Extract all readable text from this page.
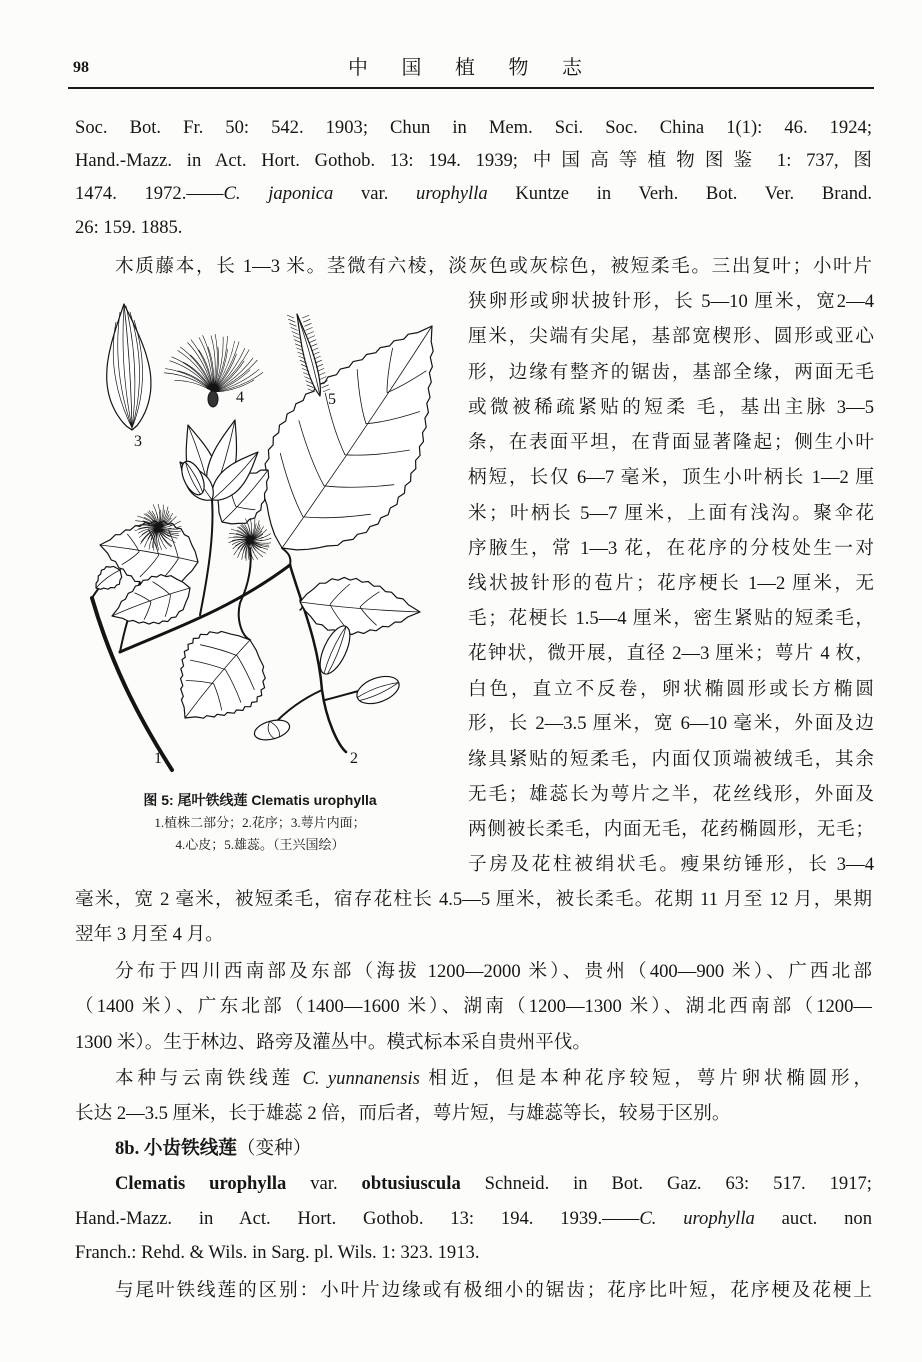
98	中 国 植 物 志
Soc. Bot. Fr. 50: 542. 1903; Chun in Mem. Sci. Soc. China 1(1): 46. 1924;
Hand.-Mazz. in Act. Hort. Gothob. 13: 194. 1939; 中国高等植物图鉴 1: 737, 图
1474. 1972.——C. japonica var. urophylla Kuntze in Verh. Bot. Ver. Brand.
26: 159. 1885.
木质藤本，长 1—3 米。茎微有六棱，淡灰色或灰棕色，被短柔毛。三出复叶；小叶片
狭卵形或卵状披针形，长 5—10 厘米，宽2—4
厘米，尖端有尖尾，基部宽楔形、圆形或亚心
形，边缘有整齐的锯齿，基部全缘，两面无毛
或微被稀疏紧贴的短柔 毛，基出主脉 3—5
条，在表面平坦，在背面显著隆起；侧生小叶
柄短，长仅 6—7 毫米，顶生小叶柄长 1—2 厘
米；叶柄长 5—7 厘米，上面有浅沟。聚伞花
序腋生，常 1—3 花，在花序的分枝处生一对
线状披针形的苞片；花序梗长 1—2 厘米，无
毛；花梗长 1.5—4 厘米，密生紧贴的短柔毛，
花钟状，微开展，直径 2—3 厘米；萼片 4 枚，
白色，直立不反卷，卵状椭圆形或长方椭圆
形，长 2—3.5 厘米，宽 6—10 毫米，外面及边
缘具紧贴的短柔毛，内面仅顶端被绒毛，其余
无毛；雄蕊长为萼片之半，花丝线形，外面及
两侧被长柔毛，内面无毛，花药椭圆形，无毛；
子房及花柱被绢状毛。瘦果纺锤形，长 3—4
毫米，宽 2 毫米，被短柔毛，宿存花柱长 4.5—5 厘米，被长柔毛。花期 11 月至 12 月，果期
翌年 3 月至 4 月。
分布于四川西南部及东部（海拔 1200—2000 米）、贵州（400—900 米）、广西北部
（1400 米）、广东北部（1400—1600 米）、湖南（1200—1300 米）、湖北西南部（1200—
1300 米）。生于林边、路旁及灌丛中。模式标本采自贵州平伐。
本种与云南铁线莲 C. yunnanensis 相近，但是本种花序较短，萼片卵状椭圆形，
长达 2—3.5 厘米，长于雄蕊 2 倍，而后者，萼片短，与雄蕊等长，较易于区别。
8b. 小齿铁线莲（变种）
Clematis urophylla var. obtusiuscula Schneid. in Bot. Gaz. 63: 517. 1917;
Hand.-Mazz. in Act. Hort. Gothob. 13: 194. 1939.——C. urophylla auct. non
Franch.: Rehd. & Wils. in Sarg. pl. Wils. 1: 323. 1913.
与尾叶铁线莲的区别：小叶片边缘或有极细小的锯齿；花序比叶短，花序梗及花梗上
1	2
3
4	5
图 5: 尾叶铁线莲 Clematis urophylla
1.植株二部分；2.花序；3.萼片内面；
4.心皮；5.雄蕊。（王兴国绘）
